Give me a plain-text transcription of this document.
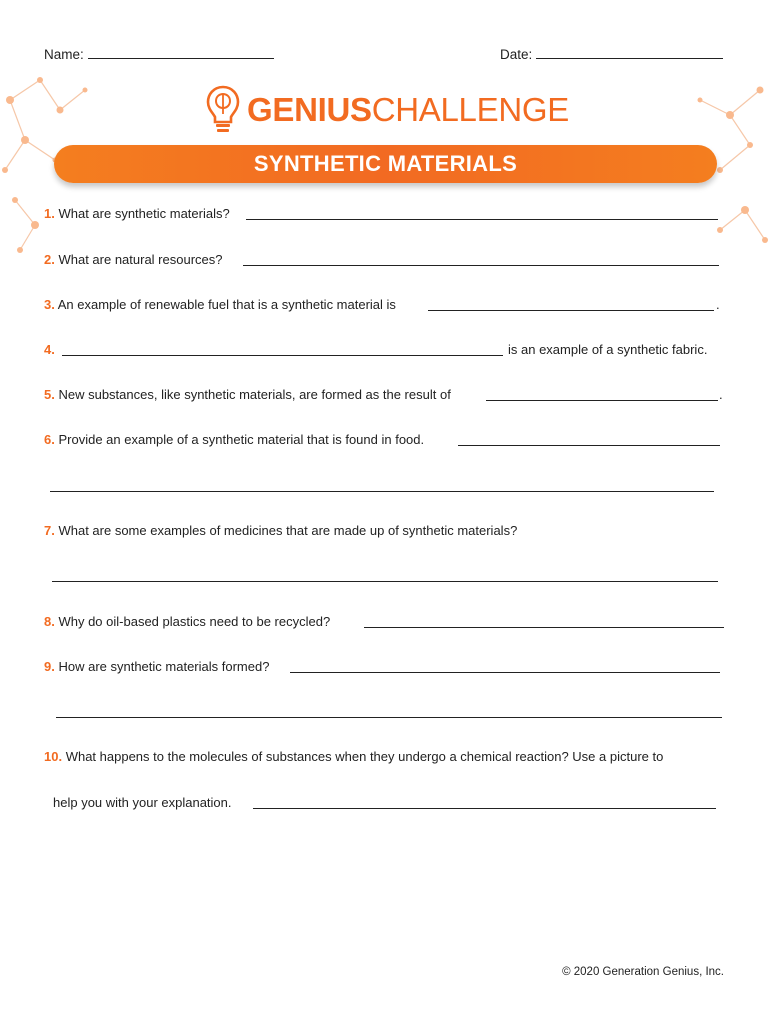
Name:	Date:
GENIUSCHALLENGE
SYNTHETIC MATERIALS
1. What are synthetic materials?
2. What are natural resources?
3. An example of renewable fuel that is a synthetic material is	.
4.	is an example of a synthetic fabric.
5. New substances, like synthetic materials, are formed as the result of	.
6. Provide an example of a synthetic material that is found in food.
7. What are some examples of medicines that are made up of synthetic materials?
8. Why do oil-based plastics need to be recycled?
9. How are synthetic materials formed?
10. What happens to the molecules of substances when they undergo a chemical reaction? Use a picture to
help you with your explanation.
© 2020 Generation Genius, Inc.
